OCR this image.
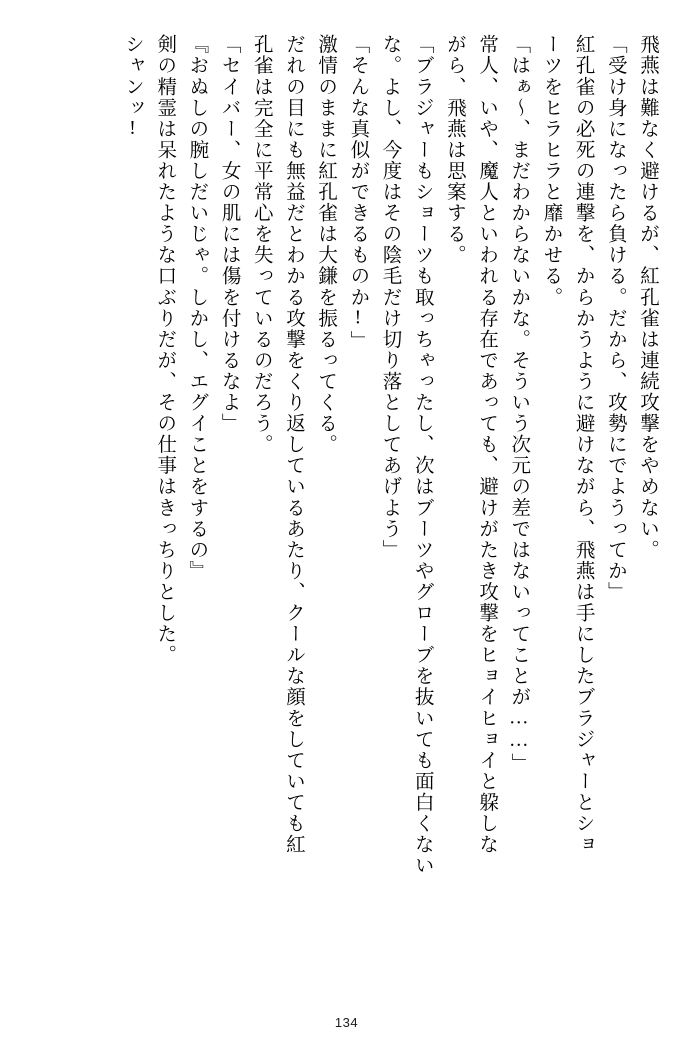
飛燕は難なく避けるが、紅孔雀は連続攻撃をやめない。
「受け身になったら負ける。だから、攻勢にでようってか」
紅孔雀の必死の連撃を、からかうように避けながら、飛燕は手にしたブラジャーとショ
ーツをヒラヒラと靡かせる。
「はぁ～、まだわからないかな。そういう次元の差ではないってことが……」
常人、いや、魔人といわれる存在であっても、避けがたき攻撃をヒョイヒョイと躱しな
がら、飛燕は思案する。
「ブラジャーもショーツも取っちゃったし、次はブーツやグローブを抜いても面白くない
な。よし、今度はその陰毛だけ切り落としてあげよう」
「そんな真似ができるものか!」
激情のままに紅孔雀は大鎌を振るってくる。
だれの目にも無益だとわかる攻撃をくり返しているあたり、クールな顔をしていても紅
孔雀は完全に平常心を失っているのだろう。
「セイバー、女の肌には傷を付けるなよ」
『おぬしの腕しだいじゃ。しかし、エグイことをするの』
剣の精霊は呆れたような口ぶりだが、その仕事はきっちりとした。
シャンッ!
134
